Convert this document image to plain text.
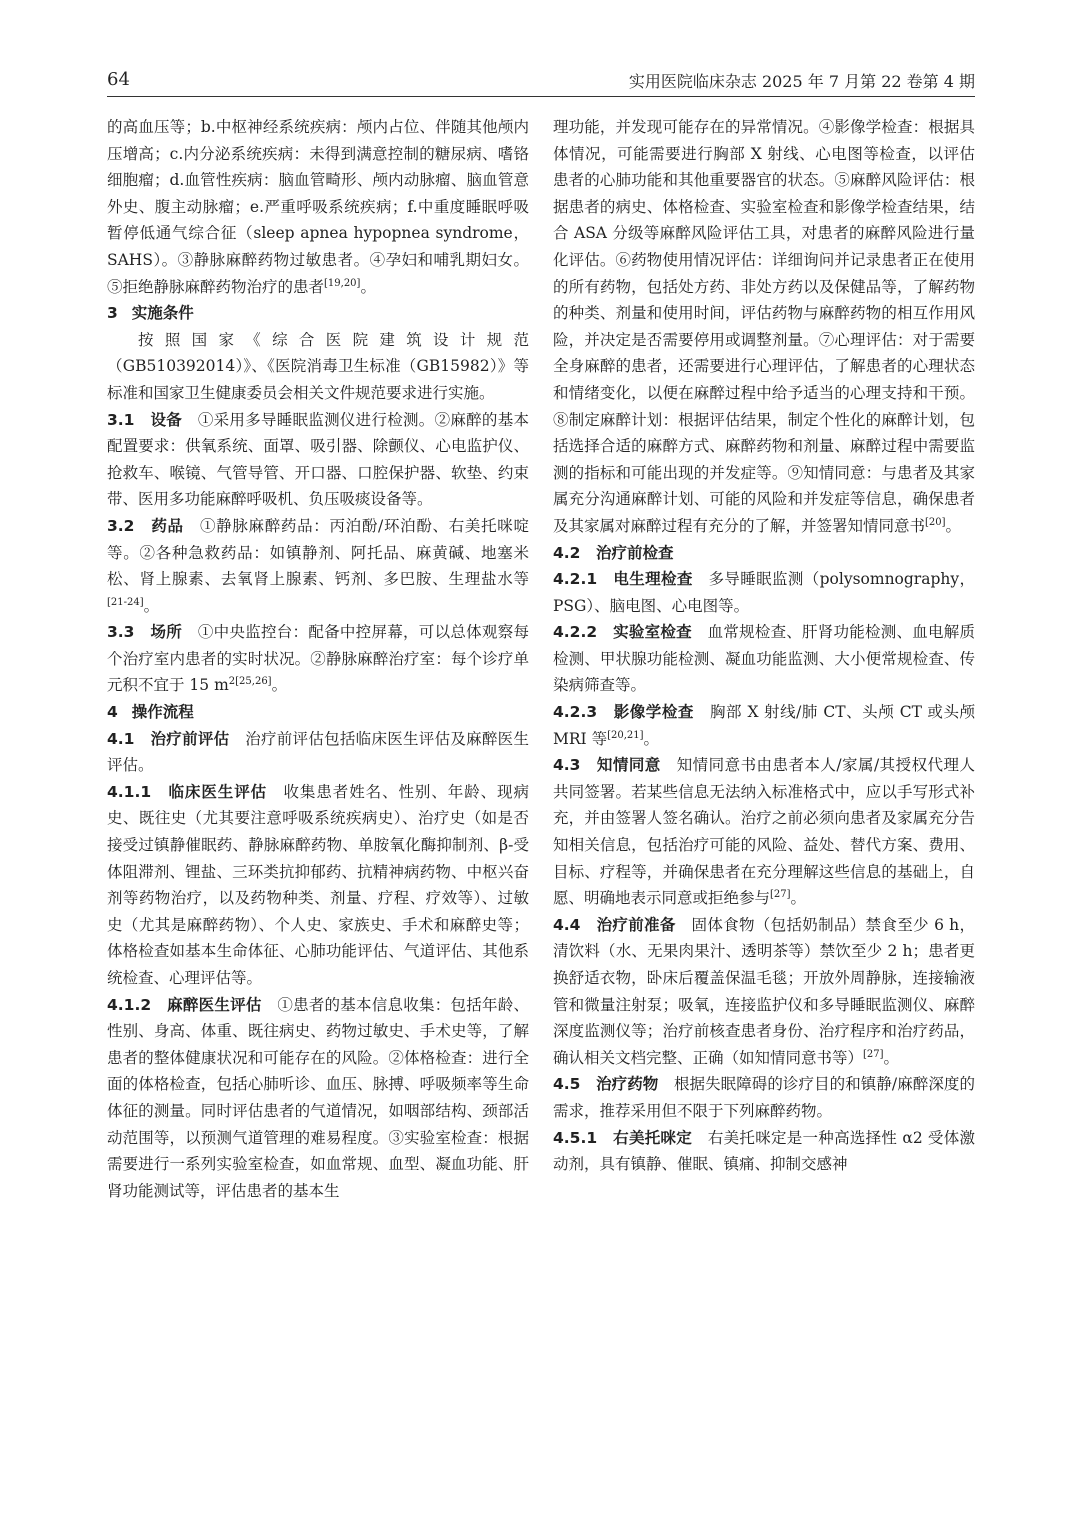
64	实用医院临床杂志 2025 年 7 月第 22 卷第 4 期

的高血压等；b.中枢神经系统疾病：颅内占位、伴随其他颅内压增高；c.内分泌系统疾病：未得到满意控制的糖尿病、嗜铬细胞瘤；d.血管性疾病：脑血管畸形、颅内动脉瘤、脑血管意外史、腹主动脉瘤；e.严重呼吸系统疾病；f.中重度睡眠呼吸暂停低通气综合征（sleep apnea hypopnea syndrome，SAHS）。③静脉麻醉药物过敏患者。④孕妇和哺乳期妇女。⑤拒绝静脉麻醉药物治疗的患者[19,20]。

3 实施条件

按照国家《综合医院建筑设计规范（GB510392014）》、《医院消毒卫生标准（GB15982）》等标准和国家卫生健康委员会相关文件规范要求进行实施。

3.1　设备　 ①采用多导睡眠监测仪进行检测。②麻醉的基本配置要求：供氧系统、面罩、吸引器、除颤仪、心电监护仪、抢救车、喉镜、气管导管、开口器、口腔保护器、软垫、约束带、医用多功能麻醉呼吸机、负压吸痰设备等。

3.2　药品　 ①静脉麻醉药品：丙泊酚/环泊酚、右美托咪啶等。②各种急救药品：如镇静剂、阿托品、麻黄碱、地塞米松、肾上腺素、去氧肾上腺素、钙剂、多巴胺、生理盐水等[21-24]。

3.3　场所　 ①中央监控台：配备中控屏幕，可以总体观察每个治疗室内患者的实时状况。②静脉麻醉治疗室：每个诊疗单元积不宜于 15 m$^{2[25,26]}$。

4 操作流程

4.1　治疗前评估　 治疗前评估包括临床医生评估及麻醉医生评估。

4.1.1　临床医生评估　 收集患者姓名、性别、年龄、现病史、既往史（尤其要注意呼吸系统疾病史）、治疗史（如是否接受过镇静催眠药、静脉麻醉药物、单胺氧化酶抑制剂、β-受体阻滞剂、锂盐、三环类抗抑郁药、抗精神病药物、中枢兴奋剂等药物治疗，以及药物种类、剂量、疗程、疗效等）、过敏史（尤其是麻醉药物）、个人史、家族史、手术和麻醉史等；体格检查如基本生命体征、心肺功能评估、气道评估、其他系统检查、心理评估等。

4.1.2　麻醉医生评估　 ①患者的基本信息收集：包括年龄、性别、身高、体重、既往病史、药物过敏史、手术史等，了解患者的整体健康状况和可能存在的风险。②体格检查：进行全面的体格检查，包括心肺听诊、血压、脉搏、呼吸频率等生命体征的测量。同时评估患者的气道情况，如咽部结构、颈部活动范围等，以预测气道管理的难易程度。③实验室检查：根据需要进行一系列实验室检查，如血常规、血型、凝血功能、肝肾功能测试等，评估患者的基本生

理功能，并发现可能存在的异常情况。④影像学检查：根据具体情况，可能需要进行胸部 X 射线、心电图等检查，以评估患者的心肺功能和其他重要器官的状态。⑤麻醉风险评估：根据患者的病史、体格检查、实验室检查和影像学检查结果，结合 ASA 分级等麻醉风险评估工具，对患者的麻醉风险进行量化评估。⑥药物使用情况评估：详细询问并记录患者正在使用的所有药物，包括处方药、非处方药以及保健品等，了解药物的种类、剂量和使用时间，评估药物与麻醉药物的相互作用风险，并决定是否需要停用或调整剂量。⑦心理评估：对于需要全身麻醉的患者，还需要进行心理评估，了解患者的心理状态和情绪变化，以便在麻醉过程中给予适当的心理支持和干预。⑧制定麻醉计划：根据评估结果，制定个性化的麻醉计划，包括选择合适的麻醉方式、麻醉药物和剂量、麻醉过程中需要监测的指标和可能出现的并发症等。⑨知情同意：与患者及其家属充分沟通麻醉计划、可能的风险和并发症等信息，确保患者及其家属对麻醉过程有充分的了解，并签署知情同意书[20]。

4.2　治疗前检查

4.2.1　电生理检查　 多导睡眠监测（polysomnography，PSG）、脑电图、心电图等。

4.2.2　实验室检查　 血常规检查、肝肾功能检测、血电解质检测、甲状腺功能检测、凝血功能监测、大小便常规检查、传染病筛查等。

4.2.3　影像学检查　 胸部 X 射线/肺 CT、头颅 CT 或头颅 MRI 等[20,21]。

4.3　知情同意　 知情同意书由患者本人/家属/其授权代理人共同签署。若某些信息无法纳入标准格式中，应以手写形式补充，并由签署人签名确认。治疗之前必须向患者及家属充分告知相关信息，包括治疗可能的风险、益处、替代方案、费用、目标、疗程等，并确保患者在充分理解这些信息的基础上，自愿、明确地表示同意或拒绝参与[27]。

4.4　治疗前准备　 固体食物（包括奶制品）禁食至少 6 h，清饮料（水、无果肉果汁、透明茶等）禁饮至少 2 h；患者更换舒适衣物，卧床后覆盖保温毛毯；开放外周静脉，连接输液管和微量注射泵；吸氧，连接监护仪和多导睡眠监测仪、麻醉深度监测仪等；治疗前核查患者身份、治疗程序和治疗药品，确认相关文档完整、正确（如知情同意书等）[27]。

4.5　治疗药物　 根据失眠障碍的诊疗目的和镇静/麻醉深度的需求，推荐采用但不限于下列麻醉药物。

4.5.1　右美托咪定　 右美托咪定是一种高选择性 α2 受体激动剂，具有镇静、催眠、镇痛、抑制交感神
